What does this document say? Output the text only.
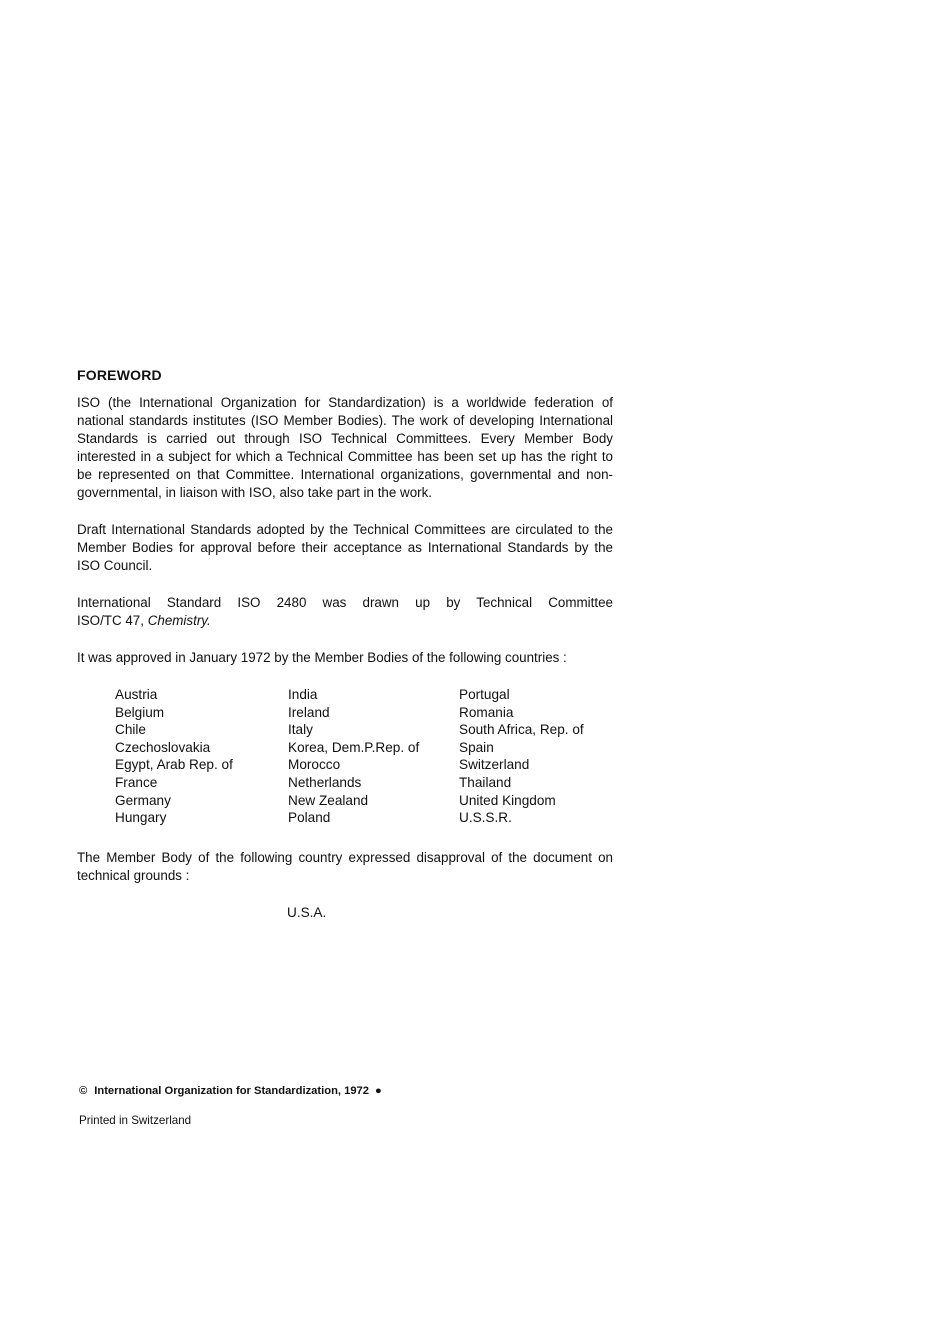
FOREWORD

ISO (the International Organization for Standardization) is a worldwide federation of national standards institutes (ISO Member Bodies). The work of developing International Standards is carried out through ISO Technical Committees. Every Member Body interested in a subject for which a Technical Committee has been set up has the right to be represented on that Committee. International organizations, governmental and non-governmental, in liaison with ISO, also take part in the work.

Draft International Standards adopted by the Technical Committees are circulated to the Member Bodies for approval before their acceptance as International Standards by the ISO Council.

International Standard ISO 2480 was drawn up by Technical Committee
ISO/TC 47, Chemistry.

It was approved in January 1972 by the Member Bodies of the following countries :

Austria
Belgium
Chile
Czechoslovakia
Egypt, Arab Rep. of
France
Germany
Hungary
India
Ireland
Italy
Korea, Dem.P.Rep. of
Morocco
Netherlands
New Zealand
Poland
Portugal
Romania
South Africa, Rep. of
Spain
Switzerland
Thailand
United Kingdom
U.S.S.R.

The Member Body of the following country expressed disapproval of the document on technical grounds :

U.S.A.
© International Organization for Standardization, 1972 ●
Printed in Switzerland
